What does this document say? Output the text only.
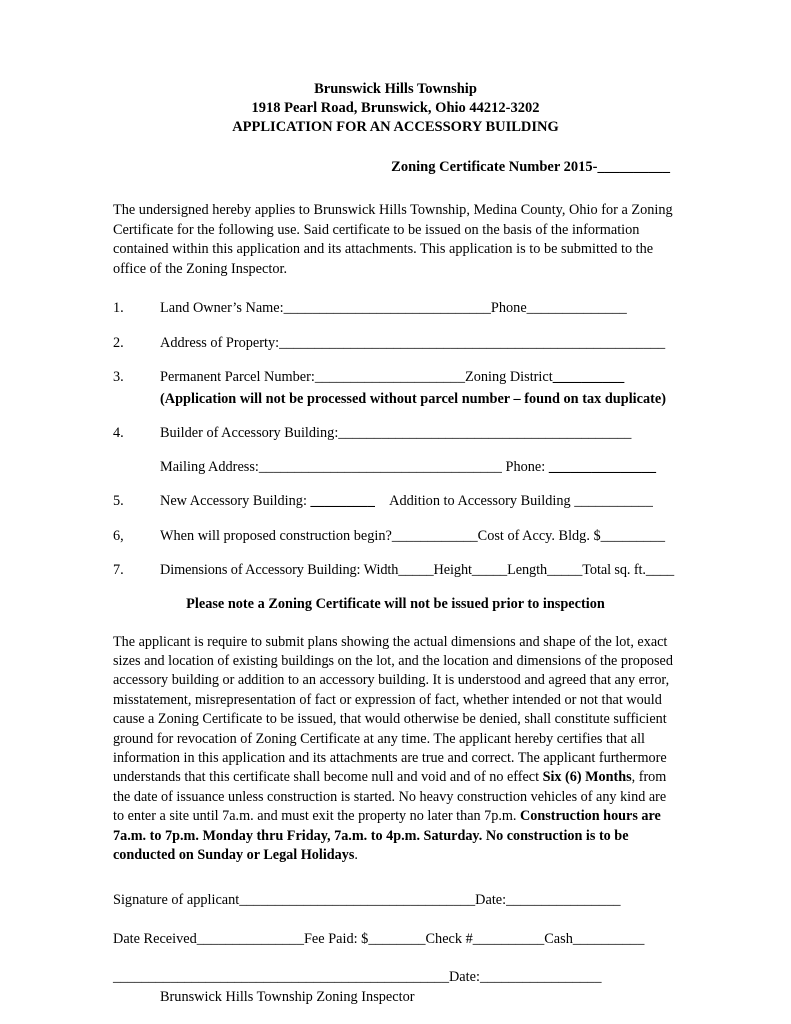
Brunswick Hills Township
1918 Pearl Road, Brunswick, Ohio 44212-3202
APPLICATION FOR AN ACCESSORY BUILDING
Zoning Certificate Number 2015-__________
The undersigned hereby applies to Brunswick Hills Township, Medina County, Ohio for a Zoning Certificate for the following use. Said certificate to be issued on the basis of the information contained within this application and its attachments. This application is to be submitted to the office of the Zoning Inspector.
1.	Land Owner’s Name:_____________________________Phone______________
2.	Address of Property:______________________________________________________
3.	Permanent Parcel Number:_____________________Zoning District__________
(Application will not be processed without parcel number – found on tax duplicate)
4.	Builder of Accessory Building:_________________________________________
Mailing Address:__________________________________ Phone: _______________
5.	New Accessory Building: _________ Addition to Accessory Building ___________
6,	When will proposed construction begin?____________Cost of Accy. Bldg. $_________
7.	Dimensions of Accessory Building: Width_____Height_____Length_____Total sq. ft.____
Please note a Zoning Certificate will not be issued prior to inspection
The applicant is require to submit plans showing the actual dimensions and shape of the lot, exact sizes and location of existing buildings on the lot, and the location and dimensions of the proposed accessory building or addition to an accessory building. It is understood and agreed that any error, misstatement, misrepresentation of fact or expression of fact, whether intended or not that would cause a Zoning Certificate to be issued, that would otherwise be denied, shall constitute sufficient ground for revocation of Zoning Certificate at any time. The applicant hereby certifies that all information in this application and its attachments are true and correct. The applicant furthermore understands that this certificate shall become null and void and of no effect Six (6) Months, from the date of issuance unless construction is started. No heavy construction vehicles of any kind are to enter a site until 7a.m. and must exit the property no later than 7p.m. Construction hours are 7a.m. to 7p.m. Monday thru Friday, 7a.m. to 4p.m. Saturday. No construction is to be conducted on Sunday or Legal Holidays.
Signature of applicant_________________________________Date:________________
Date Received_______________Fee Paid: $________Check #__________Cash__________
_______________________________________________Date:_________________
Brunswick Hills Township Zoning Inspector
